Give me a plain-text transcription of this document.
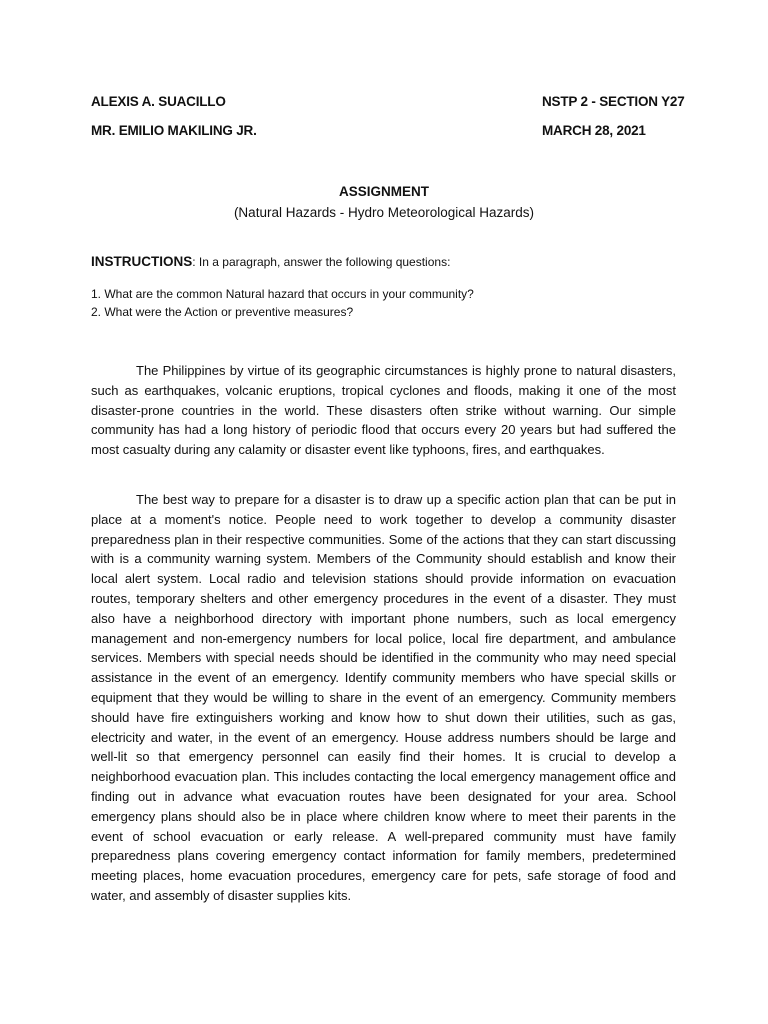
ALEXIS A. SUACILLO	NSTP 2 - SECTION Y27
MR. EMILIO MAKILING JR.	MARCH 28, 2021
ASSIGNMENT
(Natural Hazards - Hydro Meteorological Hazards)
INSTRUCTIONS: In a paragraph, answer the following questions:
1. What are the common Natural hazard that occurs in your community?
2. What were the Action or preventive measures?

The Philippines by virtue of its geographic circumstances is highly prone to natural disasters, such as earthquakes, volcanic eruptions, tropical cyclones and floods, making it one of the most disaster-prone countries in the world. These disasters often strike without warning. Our simple community has had a long history of periodic flood that occurs every 20 years but had suffered the most casualty during any calamity or disaster event like typhoons, fires, and earthquakes.

The best way to prepare for a disaster is to draw up a specific action plan that can be put in place at a moment's notice. People need to work together to develop a community disaster preparedness plan in their respective communities. Some of the actions that they can start discussing with is a community warning system. Members of the Community should establish and know their local alert system. Local radio and television stations should provide information on evacuation routes, temporary shelters and other emergency procedures in the event of a disaster. They must also have a neighborhood directory with important phone numbers, such as local emergency management and non-emergency numbers for local police, local fire department, and ambulance services. Members with special needs should be identified in the community who may need special assistance in the event of an emergency. Identify community members who have special skills or equipment that they would be willing to share in the event of an emergency. Community members should have fire extinguishers working and know how to shut down their utilities, such as gas, electricity and water, in the event of an emergency. House address numbers should be large and well-lit so that emergency personnel can easily find their homes. It is crucial to develop a neighborhood evacuation plan. This includes contacting the local emergency management office and finding out in advance what evacuation routes have been designated for your area. School emergency plans should also be in place where children know where to meet their parents in the event of school evacuation or early release. A well-prepared community must have family preparedness plans covering emergency contact information for family members, predetermined meeting places, home evacuation procedures, emergency care for pets, safe storage of food and water, and assembly of disaster supplies kits.
